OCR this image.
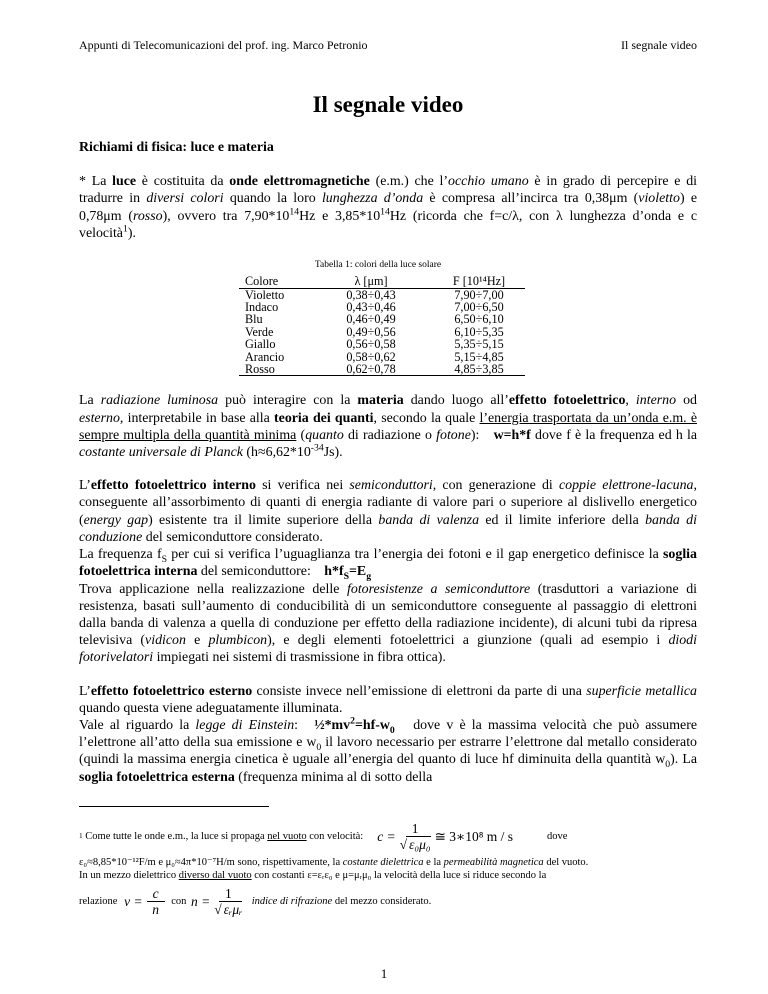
Appunti di Telecomunicazioni del prof. ing. Marco Petronio	Il segnale video
Il segnale video

Richiami di fisica: luce e materia

* La luce è costituita da onde elettromagnetiche (e.m.) che l’occhio umano è in grado di percepire e di tradurre in diversi colori quando la loro lunghezza d’onda è compresa all’incirca tra 0,38μm (violetto) e 0,78μm (rosso), ovvero tra $7,90*10^{14}Hz$ e $3,85*10^{14}Hz$ (ricorda che f=c/λ, con λ lunghezza d’onda e c velocità$^1$).

Tabella 1: colori della luce solare
Colore	λ [μm]	F [10¹⁴Hz]
Violetto	0,38÷0,43	7,90÷7,00
Indaco	0,43÷0,46	7,00÷6,50
Blu	0,46÷0,49	6,50÷6,10
Verde	0,49÷0,56	6,10÷5,35
Giallo	0,56÷0,58	5,35÷5,15
Arancio	0,58÷0,62	5,15÷4,85
Rosso	0,62÷0,78	4,85÷3,85

La radiazione luminosa può interagire con la materia dando luogo all’effetto fotoelettrico, interno od esterno, interpretabile in base alla teoria dei quanti, secondo la quale l’energia trasportata da un’onda e.m. è sempre multipla della quantità minima (quanto di radiazione o fotone): w=h*f dove f è la frequenza ed h la costante universale di Planck $(h\approx 6,62*10^{-34}Js)$.

L’effetto fotoelettrico interno si verifica nei semiconduttori, con generazione di coppie elettrone-lacuna, conseguente all’assorbimento di quanti di energia radiante di valore pari o superiore al dislivello energetico (energy gap) esistente tra il limite superiore della banda di valenza ed il limite inferiore della banda di conduzione del semiconduttore considerato.

La frequenza $f_S$ per cui si verifica l’uguaglianza tra l’energia dei fotoni e il gap energetico definisce la soglia fotoelettrica interna del semiconduttore: $h*f_S=E_g$

Trova applicazione nella realizzazione delle fotoresistenze a semiconduttore (trasduttori a variazione di resistenza, basati sull’aumento di conducibilità di un semiconduttore conseguente al passaggio di elettroni dalla banda di valenza a quella di conduzione per effetto della radiazione incidente), di alcuni tubi da ripresa televisiva (vidicon e plumbicon), e degli elementi fotoelettrici a giunzione (quali ad esempio i diodi fotorivelatori impiegati nei sistemi di trasmissione in fibra ottica).

L’effetto fotoelettrico esterno consiste invece nell’emissione di elettroni da parte di una superficie metallica quando questa viene adeguatamente illuminata.

Vale al riguardo la legge di Einstein: $\frac{1}{2}*mv^2=hf-w_0$   dove v è la massima velocità che può assumere l’elettrone all’atto della sua emissione e $w_0$ il lavoro necessario per estrarre l’elettrone dal metallo considerato (quindi la massima energia cinetica è uguale all’energia del quanto di luce hf diminuita della quantità $w_0$). La soglia fotoelettrica esterna (frequenza minima al di sotto della

1
Come tutte le onde e.m., la luce si propaga
nel vuoto
con velocità: $c = \frac{1}{\text{√ ε₀μ₀}}$ ≅ 3∗10⁸ m / s	dove
ε₀≈8,85*10⁻¹²F/m e μ₀≈4π*10⁻⁷H/m sono, rispettivamente, la costante dielettrica e la permeabilità magnetica del vuoto.
In un mezzo dielettrico diverso dal vuoto con costanti ε=εᵣε₀ e μ=μᵣμ₀ la velocità della luce si riduce secondo la
relazione
$v = \frac{c}{n}$
con
$n = \frac{1}{\text{√ εᵣμᵣ}}$
indice di rifrazione
del mezzo considerato.
1
